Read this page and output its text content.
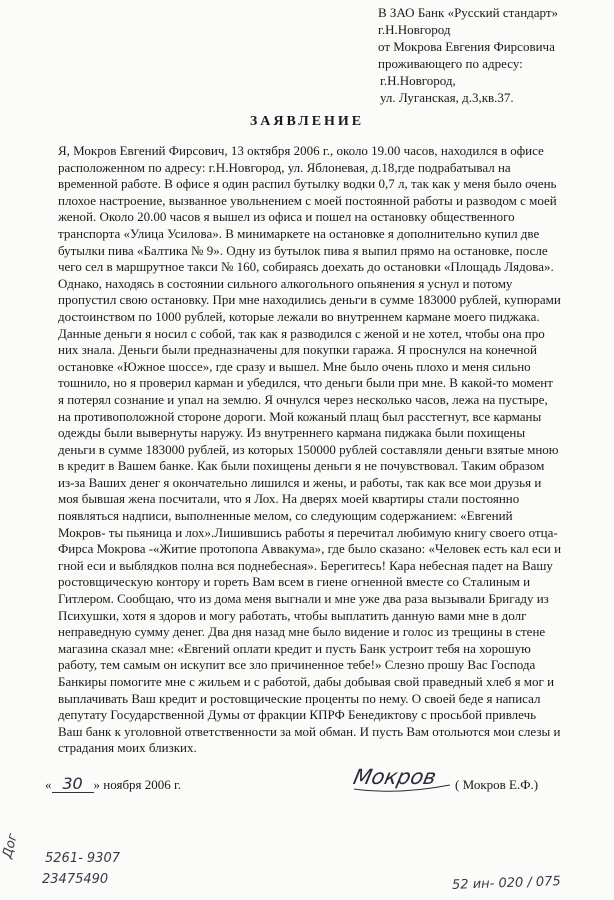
В ЗАО Банк «Русский стандарт»
г.Н.Новгород
от Мокрова Евгения Фирсовича
проживающего по адресу:
г.Н.Новгород,
ул. Луганская, д.3,кв.37.
ЗАЯВЛЕНИЕ
Я, Мокров Евгений Фирсович, 13 октября 2006 г., около 19.00 часов, находился в офисе
расположенном по адресу: г.Н.Новгород, ул. Яблоневая, д.18,где подрабатывал на
временной работе. В офисе я один распил бутылку водки 0,7 л, так как у меня было очень
плохое настроение, вызванное увольнением с моей постоянной работы и разводом с моей
женой. Около 20.00 часов я вышел из офиса и пошел на остановку общественного
транспорта «Улица Усилова». В минимаркете на остановке я дополнительно купил две
бутылки пива «Балтика № 9». Одну из бутылок пива я выпил прямо на остановке, после
чего сел в маршрутное такси № 160, собираясь доехать до остановки «Площадь Лядова».
Однако, находясь в состоянии сильного алкогольного опьянения я уснул и потому
пропустил свою остановку. При мне находились деньги в сумме 183000 рублей, купюрами
достоинством по 1000 рублей, которые лежали во внутреннем кармане моего пиджака.
Данные деньги я носил с собой, так как я разводился с женой и не хотел, чтобы она про
них знала. Деньги были предназначены для покупки гаража. Я проснулся на конечной
остановке «Южное шоссе», где сразу и вышел. Мне было очень плохо и меня сильно
тошнило, но я проверил карман и убедился, что деньги были при мне. В какой-то момент
я потерял сознание и упал на землю. Я очнулся через несколько часов, лежа на пустыре,
на противоположной стороне дороги. Мой кожаный плащ был расстегнут, все карманы
одежды были вывернуты наружу. Из внутреннего кармана пиджака были похищены
деньги в сумме 183000 рублей, из которых 150000 рублей составляли деньги взятые мною
в кредит в Вашем банке. Как были похищены деньги я не почувствовал. Таким образом
из-за Ваших денег я окончательно лишился и жены, и работы, так как все мои друзья и
моя бывшая жена посчитали, что я Лох. На дверях моей квартиры стали постоянно
появляться надписи, выполненные мелом, со следующим содержанием: «Евгений
Мокров- ты пьяница и лох».Лишившись работы я перечитал любимую книгу своего отца-
Фирса Мокрова -«Житие протопопа Аввакума», где было сказано: «Человек есть кал еси и
гной еси и выблядков полна вся поднебесная». Берегитесь! Кара небесная падет на Вашу
ростовщическую контору и гореть Вам всем в гиене огненной вместе со Сталиным и
Гитлером. Сообщаю, что из дома меня выгнали и мне уже два раза вызывали Бригаду из
Психушки, хотя я здоров и могу работать, чтобы выплатить данную вами мне в долг
неправедную сумму денег. Два дня назад мне было видение и голос из трещины в стене
магазина сказал мне: «Евгений оплати кредит и пусть Банк устроит тебя на хорошую
работу, тем самым он искупит все зло причиненное тебе!» Слезно прошу Вас Господа
Банкиры помогите мне с жильем и с работой, дабы добывая свой праведный хлеб я мог и
выплачивать Ваш кредит и ростовщические проценты по нему. О своей беде я написал
депутату Государственной Думы от фракции КПРФ Бенедиктову с просьбой привлечь
Ваш банк к уголовной ответственности за мой обман. И пусть Вам отольются мои слезы и
страдания моих близких.
« 30 » ноября 2006 г.	Мокров ( Мокров Е.Ф.)
Дог 5261- 9307
23475490	52 ин- 020 / 075
